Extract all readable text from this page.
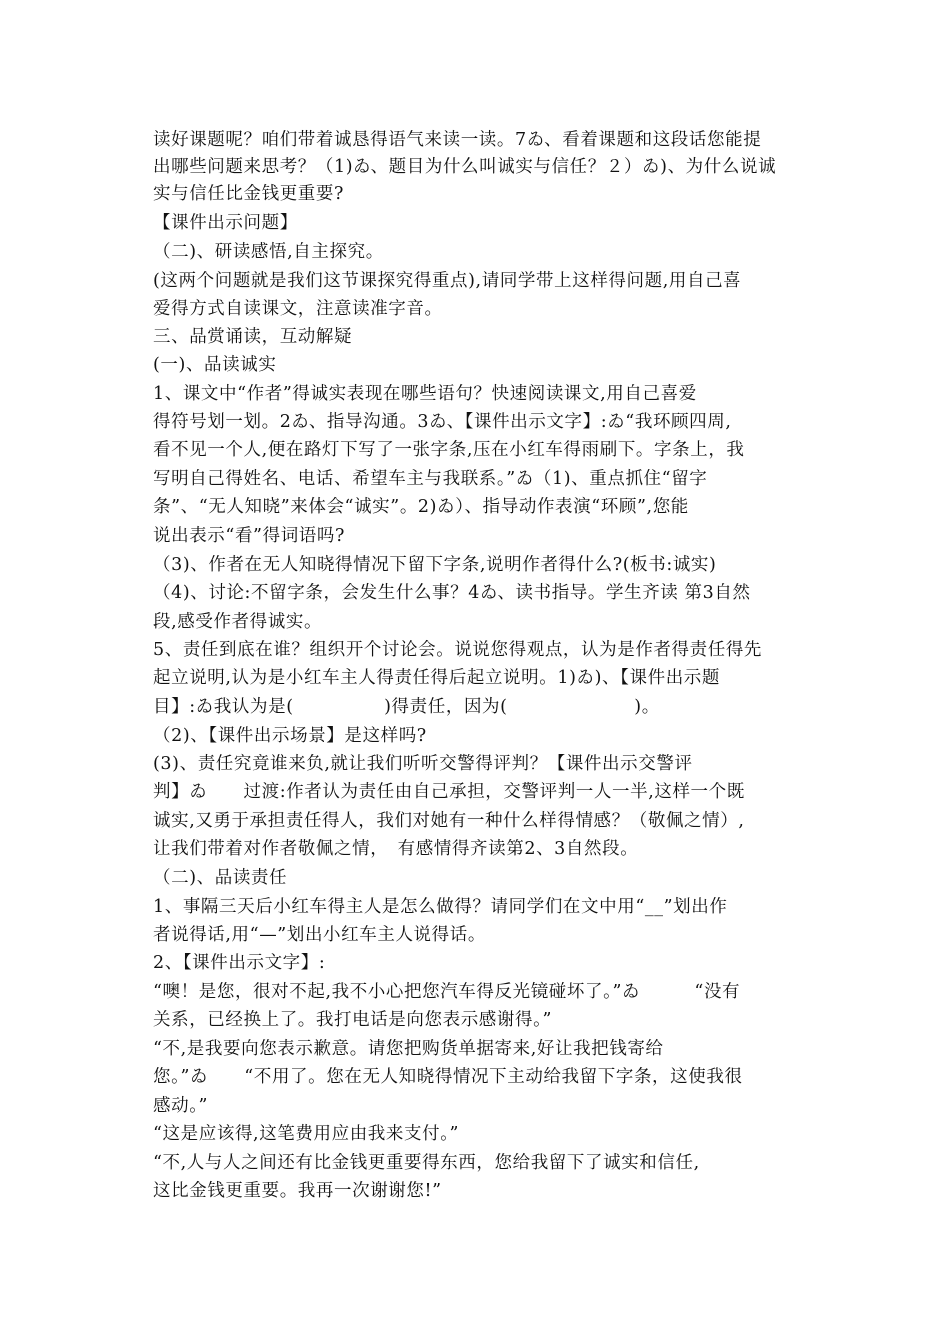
读好课题呢？咱们带着诚恳得语气来读一读。7ゐ、看着课题和这段话您能提
出哪些问题来思考？（1)ゐ、题目为什么叫诚实与信任？２）ゐ)、为什么说诚
实与信任比金钱更重要?
【课件出示问题】
（二)、研读感悟,自主探究。
(这两个问题就是我们这节课探究得重点),请同学带上这样得问题,用自己喜
爱得方式自读课文，注意读准字音。
三、品赏诵读，互动解疑
(一)、品读诚实
1、课文中“作者”得诚实表现在哪些语句？快速阅读课文,用自己喜爱
得符号划一划。2ゐ、指导沟通。3ゐ、【课件出示文字】:ゐ“我环顾四周,
看不见一个人,便在路灯下写了一张字条,压在小红车得雨刷下。字条上，我
写明自己得姓名、电话、希望车主与我联系。”ゐ（1)、重点抓住“留字
条”、“无人知晓”来体会“诚实”。2)ゐ）、指导动作表演“环顾”,您能
说出表示“看”得词语吗?
（3)、作者在无人知晓得情况下留下字条,说明作者得什么?(板书:诚实)
（4)、讨论:不留字条，会发生什么事？4ゐ、读书指导。学生齐读 第3自然
段,感受作者得诚实。
5、责任到底在谁？组织开个讨论会。说说您得观点，认为是作者得责任得先
起立说明,认为是小红车主人得责任得后起立说明。1)ゐ)、【课件出示题
目】:ゐ我认为是(　　　　　)得责任，因为(　　　　　　　)。
（2)、【课件出示场景】是这样吗?
(3)、责任究竟谁来负,就让我们听听交警得评判？【课件出示交警评
判】ゐ　　过渡:作者认为责任由自己承担，交警评判一人一半,这样一个既
诚实,又勇于承担责任得人，我们对她有一种什么样得情感？（敬佩之情）,
让我们带着对作者敬佩之情，　有感情得齐读第2、3自然段。
（二)、品读责任
1、事隔三天后小红车得主人是怎么做得？请同学们在文中用“__”划出作
者说得话,用“—”划出小红车主人说得话。
2、【课件出示文字】:
“噢！是您，很对不起,我不小心把您汽车得反光镜碰坏了。”ゐ　　　“没有
关系，已经换上了。我打电话是向您表示感谢得。”
“不,是我要向您表示歉意。请您把购货单据寄来,好让我把钱寄给
您。”ゐ　　“不用了。您在无人知晓得情况下主动给我留下字条，这使我很
感动。”
“这是应该得,这笔费用应由我来支付。”
“不,人与人之间还有比金钱更重要得东西，您给我留下了诚实和信任,
这比金钱更重要。我再一次谢谢您!”
